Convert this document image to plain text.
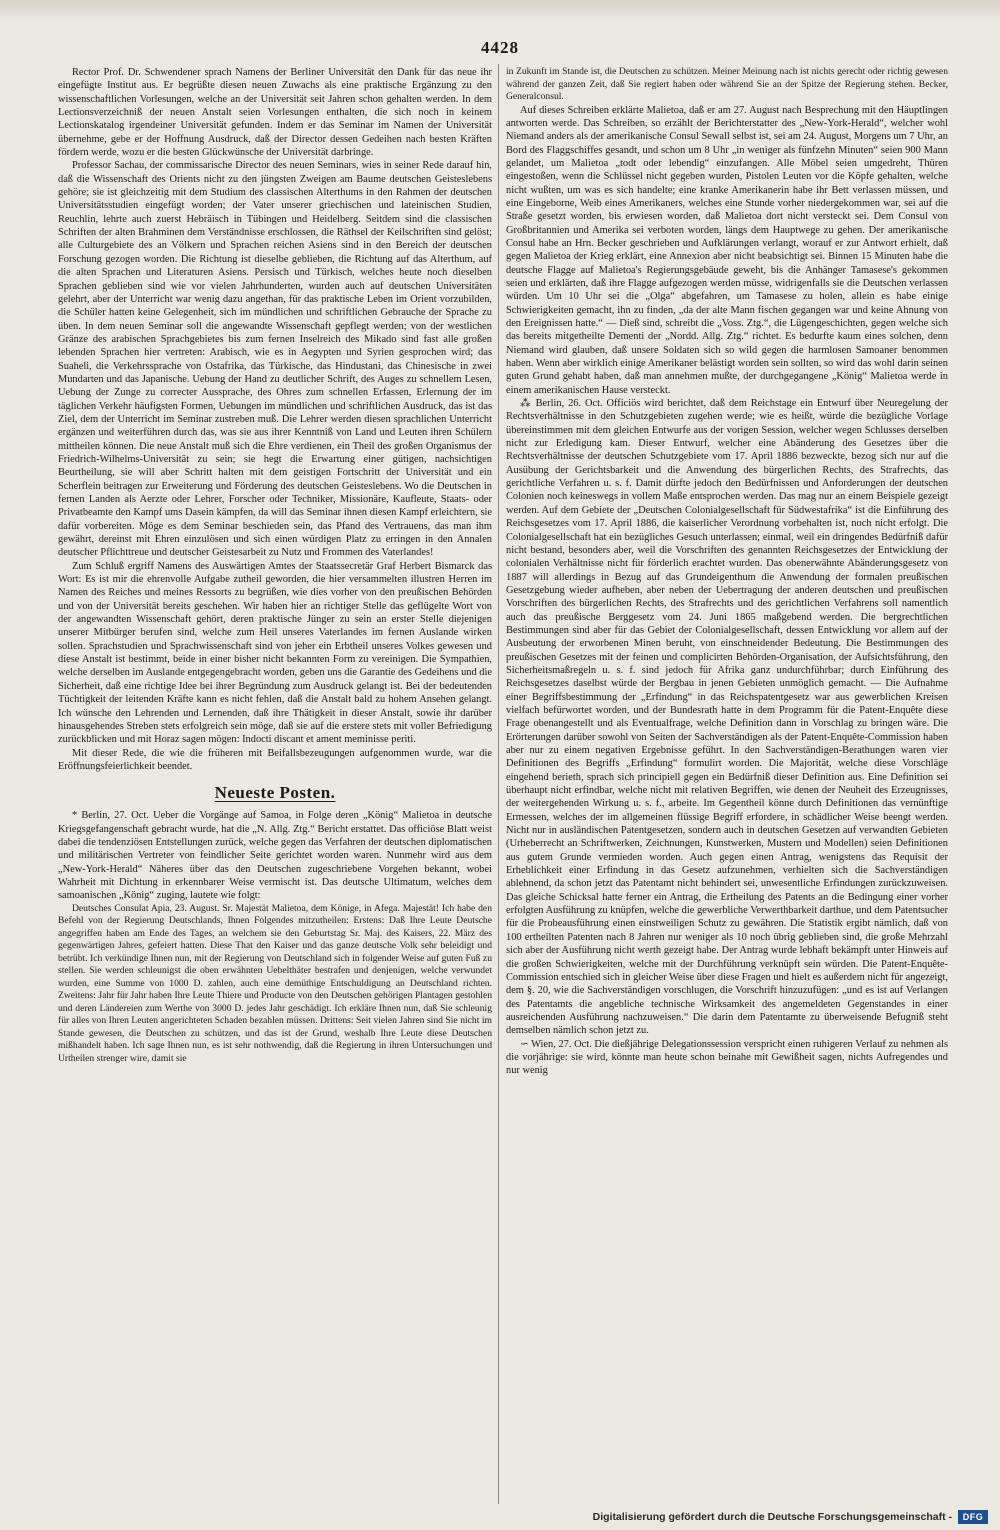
4428

Rector Prof. Dr. Schwendener sprach Namens der Berliner Universität den Dank für das neue ihr eingefügte Institut aus. Er begrüßte diesen neuen Zuwachs als eine praktische Ergänzung zu den wissenschaftlichen Vorlesungen, welche an der Universität seit Jahren schon gehalten werden. In dem Lectionsverzeichniß der neuen Anstalt seien Vorlesungen enthalten, die sich noch in keinem Lectionskatalog irgendeiner Universität gefunden. Indem er das Seminar im Namen der Universität übernehme, gebe er der Hoffnung Ausdruck, daß der Director dessen Gedeihen nach besten Kräften fördern werde, wozu er die besten Glückwünsche der Universität darbringe.

Professor Sachau, der commissarische Director des neuen Seminars, wies in seiner Rede darauf hin, daß die Wissenschaft des Orients nicht zu den jüngsten Zweigen am Baume deutschen Geisteslebens gehöre; sie ist gleichzeitig mit dem Studium des classischen Alterthums in den Rahmen der deutschen Universitätsstudien eingefügt worden; der Vater unserer griechischen und lateinischen Studien, Reuchlin, lehrte auch zuerst Hebräisch in Tübingen und Heidelberg. Seitdem sind die classischen Schriften der alten Brahminen dem Verständnisse erschlossen, die Räthsel der Keilschriften sind gelöst; alle Culturgebiete des an Völkern und Sprachen reichen Asiens sind in den Bereich der deutschen Forschung gezogen worden. Die Richtung ist dieselbe geblieben, die Richtung auf das Alterthum, auf die alten Sprachen und Literaturen Asiens. Persisch und Türkisch, welches heute noch dieselben Sprachen geblieben sind wie vor vielen Jahrhunderten, wurden auch auf deutschen Universitäten gelehrt, aber der Unterricht war wenig dazu angethan, für das praktische Leben im Orient vorzubilden, die Schüler hatten keine Gelegenheit, sich im mündlichen und schriftlichen Gebrauche der Sprache zu üben. In dem neuen Seminar soll die angewandte Wissenschaft gepflegt werden; von der westlichen Gränze des arabischen Sprachgebietes bis zum fernen Inselreich des Mikado sind fast alle großen lebenden Sprachen hier vertreten: Arabisch, wie es in Aegypten und Syrien gesprochen wird; das Suaheli, die Verkehrssprache von Ostafrika, das Türkische, das Hindustani, das Chinesische in zwei Mundarten und das Japanische. Uebung der Hand zu deutlicher Schrift, des Auges zu schnellem Lesen, Uebung der Zunge zu correcter Aussprache, des Ohres zum schnellen Erfassen, Erlernung der im täglichen Verkehr häufigsten Formen, Uebungen im mündlichen und schriftlichen Ausdruck, das ist das Ziel, dem der Unterricht im Seminar zustreben muß. Die Lehrer werden diesen sprachlichen Unterricht ergänzen und weiterführen durch das, was sie aus ihrer Kenntniß von Land und Leuten ihren Schülern mittheilen können. Die neue Anstalt muß sich die Ehre verdienen, ein Theil des großen Organismus der Friedrich-Wilhelms-Universität zu sein; sie hegt die Erwartung einer gütigen, nachsichtigen Beurtheilung, sie will aber Schritt halten mit dem geistigen Fortschritt der Universität und ein Scherflein beitragen zur Erweiterung und Förderung des deutschen Geisteslebens. Wo die Deutschen in fernen Landen als Aerzte oder Lehrer, Forscher oder Techniker, Missionäre, Kaufleute, Staats- oder Privatbeamte den Kampf ums Dasein kämpfen, da will das Seminar ihnen diesen Kampf erleichtern, sie dafür vorbereiten. Möge es dem Seminar beschieden sein, das Pfand des Vertrauens, das man ihm gewährt, dereinst mit Ehren einzulösen und sich einen würdigen Platz zu erringen in den Annalen deutscher Pflichttreue und deutscher Geistesarbeit zu Nutz und Frommen des Vaterlandes!

Zum Schluß ergriff Namens des Auswärtigen Amtes der Staatssecretär Graf Herbert Bismarck das Wort: Es ist mir die ehrenvolle Aufgabe zutheil geworden, die hier versammelten illustren Herren im Namen des Reiches und meines Ressorts zu begrüßen, wie dies vorher von den preußischen Behörden und von der Universität bereits geschehen. Wir haben hier an richtiger Stelle das geflügelte Wort von der angewandten Wissenschaft gehört, deren praktische Jünger zu sein an erster Stelle diejenigen unserer Mitbürger berufen sind, welche zum Heil unseres Vaterlandes im fernen Auslande wirken sollen. Sprachstudien und Sprachwissenschaft sind von jeher ein Erbtheil unseres Volkes gewesen und diese Anstalt ist bestimmt, beide in einer bisher nicht bekannten Form zu vereinigen. Die Sympathien, welche derselben im Auslande entgegengebracht worden, geben uns die Garantie des Gedeihens und die Sicherheit, daß eine richtige Idee bei ihrer Begründung zum Ausdruck gelangt ist. Bei der bedeutenden Tüchtigkeit der leitenden Kräfte kann es nicht fehlen, daß die Anstalt bald zu hohem Ansehen gelangt. Ich wünsche den Lehrenden und Lernenden, daß ihre Thätigkeit in dieser Anstalt, sowie ihr darüber hinausgehendes Streben stets erfolgreich sein möge, daß sie auf die erstere stets mit voller Befriedigung zurückblicken und mit Horaz sagen mögen: Indocti discant et ament meminisse periti.

Mit dieser Rede, die wie die früheren mit Beifallsbezeugungen aufgenommen wurde, war die Eröffnungsfeierlichkeit beendet.

Neueste Posten.

* Berlin, 27. Oct. Ueber die Vorgänge auf Samoa, in Folge deren „König“ Malietoa in deutsche Kriegsgefangenschaft gebracht wurde, hat die „N. Allg. Ztg.“ Bericht erstattet. Das officiöse Blatt weist dabei die tendenziösen Entstellungen zurück, welche gegen das Verfahren der deutschen diplomatischen und militärischen Vertreter von feindlicher Seite gerichtet worden waren. Nunmehr wird aus dem „New-York-Herald“ Näheres über das den Deutschen zugeschriebene Vorgehen bekannt, wobei Wahrheit mit Dichtung in erkennbarer Weise vermischt ist. Das deutsche Ultimatum, welches dem samoanischen „König“ zuging, lautete wie folgt:

Deutsches Consulat Apia, 23. August. Sr. Majestät Malietoa, dem Könige, in Afega. Majestät! Ich habe den Befehl von der Regierung Deutschlands, Ihnen Folgendes mitzutheilen: Erstens: Daß Ihre Leute Deutsche angegriffen haben am Ende des Tages, an welchem sie den Geburtstag Sr. Maj. des Kaisers, 22. März des gegenwärtigen Jahres, gefeiert hatten. Diese That den Kaiser und das ganze deutsche Volk sehr beleidigt und betrübt. Ich verkündige Ihnen nun, mit der Regierung von Deutschland sich in folgender Weise auf guten Fuß zu stellen. Sie werden schleunigst die oben erwähnten Uebelthäter bestrafen und denjenigen, welche verwundet wurden, eine Summe von 1000 D. zahlen, auch eine demüthige Entschuldigung an Deutschland richten. Zweitens: Jahr für Jahr haben Ihre Leute Thiere und Producte von den Deutschen gehörigen Plantagen gestohlen und deren Ländereien zum Werthe von 3000 D. jedes Jahr geschädigt. Ich erkläre Ihnen nun, daß Sie schleunig für alles von Ihren Leuten angerichteten Schaden bezahlen müssen. Drittens: Seit vielen Jahren sind Sie nicht im Stande gewesen, die Deutschen zu schützen, und das ist der Grund, weshalb Ihre Leute diese Deutschen mißhandelt haben. Ich sage Ihnen nun, es ist sehr nothwendig, daß die Regierung in ihren Untersuchungen und Urtheilen strenger wire, damit sie

in Zukunft im Stande ist, die Deutschen zu schützen. Meiner Meinung nach ist nichts gerecht oder richtig gewesen während der ganzen Zeit, daß Sie regiert haben oder während Sie an der Spitze der Regierung stehen. Becker, Generalconsul.

Auf dieses Schreiben erklärte Malietoa, daß er am 27. August nach Besprechung mit den Häuptlingen antworten werde. Das Schreiben, so erzählt der Berichterstatter des „New-York-Herald“, welcher wohl Niemand anders als der amerikanische Consul Sewall selbst ist, sei am 24. August, Morgens um 7 Uhr, an Bord des Flaggschiffes gesandt, und schon um 8 Uhr „in weniger als fünfzehn Minuten“ seien 900 Mann gelandet, um Malietoa „todt oder lebendig“ einzufangen. Alle Möbel seien umgedreht, Thüren eingestoßen, wenn die Schlüssel nicht gegeben wurden, Pistolen Leuten vor die Köpfe gehalten, welche nicht wußten, um was es sich handelte; eine kranke Amerikanerin habe ihr Bett verlassen müssen, und eine Eingeborne, Weib eines Amerikaners, welches eine Stunde vorher niedergekommen war, sei auf die Straße gesetzt worden, bis erwiesen worden, daß Malietoa dort nicht versteckt sei. Dem Consul von Großbritannien und Amerika sei verboten worden, längs dem Hauptwege zu gehen. Der amerikanische Consul habe an Hrn. Becker geschrieben und Aufklärungen verlangt, worauf er zur Antwort erhielt, daß gegen Malietoa der Krieg erklärt, eine Annexion aber nicht beabsichtigt sei. Binnen 15 Minuten habe die deutsche Flagge auf Malietoa's Regierungsgebäude geweht, bis die Anhänger Tamasese's gekommen seien und erklärten, daß ihre Flagge aufgezogen werden müsse, widrigenfalls sie die Deutschen verlassen würden. Um 10 Uhr sei die „Olga“ abgefahren, um Tamasese zu holen, allein es habe einige Schwierigkeiten gemacht, ihn zu finden, „da der alte Mann fischen gegangen war und keine Ahnung von den Ereignissen hatte.“ — Dieß sind, schreibt die „Voss. Ztg.“, die Lügengeschichten, gegen welche sich das bereits mitgetheilte Dementi der „Nordd. Allg. Ztg.“ richtet. Es bedurfte kaum eines solchen, denn Niemand wird glauben, daß unsere Soldaten sich so wild gegen die harmlosen Samoaner benommen haben. Wenn aber wirklich einige Amerikaner belästigt worden sein sollten, so wird das wohl darin seinen guten Grund gehabt haben, daß man annehmen mußte, der durchgegangene „König“ Malietoa werde in einem amerikanischen Hause versteckt.

⁂ Berlin, 26. Oct. Officiös wird berichtet, daß dem Reichstage ein Entwurf über Neuregelung der Rechtsverhältnisse in den Schutzgebieten zugehen werde; wie es heißt, würde die bezügliche Vorlage übereinstimmen mit dem gleichen Entwurfe aus der vorigen Session, welcher wegen Schlusses derselben nicht zur Erledigung kam. Dieser Entwurf, welcher eine Abänderung des Gesetzes über die Rechtsverhältnisse der deutschen Schutzgebiete vom 17. April 1886 bezweckte, bezog sich nur auf die Ausübung der Gerichtsbarkeit und die Anwendung des bürgerlichen Rechts, des Strafrechts, das gerichtliche Verfahren u. s. f. Damit dürfte jedoch den Bedürfnissen und Anforderungen der deutschen Colonien noch keineswegs in vollem Maße entsprochen werden. Das mag nur an einem Beispiele gezeigt werden. Auf dem Gebiete der „Deutschen Colonialgesellschaft für Südwestafrika“ ist die Einführung des Reichsgesetzes vom 17. April 1886, die kaiserlicher Verordnung vorbehalten ist, noch nicht erfolgt. Die Colonialgesellschaft hat ein bezügliches Gesuch unterlassen; einmal, weil ein dringendes Bedürfniß dafür nicht bestand, besonders aber, weil die Vorschriften des genannten Reichsgesetzes der Entwicklung der colonialen Verhältnisse nicht für förderlich erachtet wurden. Das obenerwähnte Abänderungsgesetz von 1887 will allerdings in Bezug auf das Grundeigenthum die Anwendung der formalen preußischen Gesetzgebung wieder aufheben, aber neben der Uebertragung der anderen deutschen und preußischen Vorschriften des bürgerlichen Rechts, des Strafrechts und des gerichtlichen Verfahrens soll namentlich auch das preußische Berggesetz vom 24. Juni 1865 maßgebend werden. Die bergrechtlichen Bestimmungen sind aber für das Gebiet der Colonialgesellschaft, dessen Entwicklung vor allem auf der Ausbeutung der erworbenen Minen beruht, von einschneidender Bedeutung. Die Bestimmungen des preußischen Gesetzes mit der feinen und complicirten Behörden-Organisation, der Aufsichtsführung, den Sicherheitsmaßregeln u. s. f. sind jedoch für Afrika ganz undurchführbar; durch Einführung des Reichsgesetzes daselbst würde der Bergbau in jenen Gebieten unmöglich gemacht. — Die Aufnahme einer Begriffsbestimmung der „Erfindung“ in das Reichspatentgesetz war aus gewerblichen Kreisen vielfach befürwortet worden, und der Bundesrath hatte in dem Programm für die Patent-Enquête diese Frage obenangestellt und als Eventualfrage, welche Definition dann in Vorschlag zu bringen wäre. Die Erörterungen darüber sowohl von Seiten der Sachverständigen als der Patent-Enquête-Commission haben aber nur zu einem negativen Ergebnisse geführt. In den Sachverständigen-Berathungen waren vier Definitionen des Begriffs „Erfindung“ formulirt worden. Die Majorität, welche diese Vorschläge eingehend berieth, sprach sich principiell gegen ein Bedürfniß dieser Definition aus. Eine Definition sei überhaupt nicht erfindbar, welche nicht mit relativen Begriffen, wie denen der Neuheit des Erzeugnisses, der weitergehenden Wirkung u. s. f., arbeite. Im Gegentheil könne durch Definitionen das vernünftige Ermessen, welches der im allgemeinen flüssige Begriff erfordere, in schädlicher Weise beengt werden. Nicht nur in ausländischen Patentgesetzen, sondern auch in deutschen Gesetzen auf verwandten Gebieten (Urheberrecht an Schriftwerken, Zeichnungen, Kunstwerken, Mustern und Modellen) seien Definitionen aus gutem Grunde vermieden worden. Auch gegen einen Antrag, wenigstens das Requisit der Erheblichkeit einer Erfindung in das Gesetz aufzunehmen, verhielten sich die Sachverständigen ablehnend, da schon jetzt das Patentamt nicht behindert sei, unwesentliche Erfindungen zurückzuweisen. Das gleiche Schicksal hatte ferner ein Antrag, die Ertheilung des Patents an die Bedingung einer vorher erfolgten Ausführung zu knüpfen, welche die gewerbliche Verwerthbarkeit darthue, und dem Patentsucher für die Probeausführung einen einstweiligen Schutz zu gewähren. Die Statistik ergibt nämlich, daß von 100 ertheilten Patenten nach 8 Jahren nur weniger als 10 noch übrig geblieben sind, die große Mehrzahl sich aber der Ausführung nicht werth gezeigt habe. Der Antrag wurde lebhaft bekämpft unter Hinweis auf die großen Schwierigkeiten, welche mit der Durchführung verknüpft sein würden. Die Patent-Enquête-Commission entschied sich in gleicher Weise über diese Fragen und hielt es außerdem nicht für angezeigt, dem §. 20, wie die Sachverständigen vorschlugen, die Vorschrift hinzuzufügen: „und es ist auf Verlangen des Patentamts die angebliche technische Wirksamkeit des angemeldeten Gegenstandes in einer ausreichenden Ausführung nachzuweisen.“ Die darin dem Patentamte zu überweisende Befugniß steht demselben nämlich schon jetzt zu.

∽ Wien, 27. Oct. Die dießjährige Delegationssession verspricht einen ruhigeren Verlauf zu nehmen als die vorjährige: sie wird, könnte man heute schon beinahe mit Gewißheit sagen, nichts Aufregendes und nur wenig

Digitalisierung gefördert durch die Deutsche Forschungsgemeinschaft -	DFG
